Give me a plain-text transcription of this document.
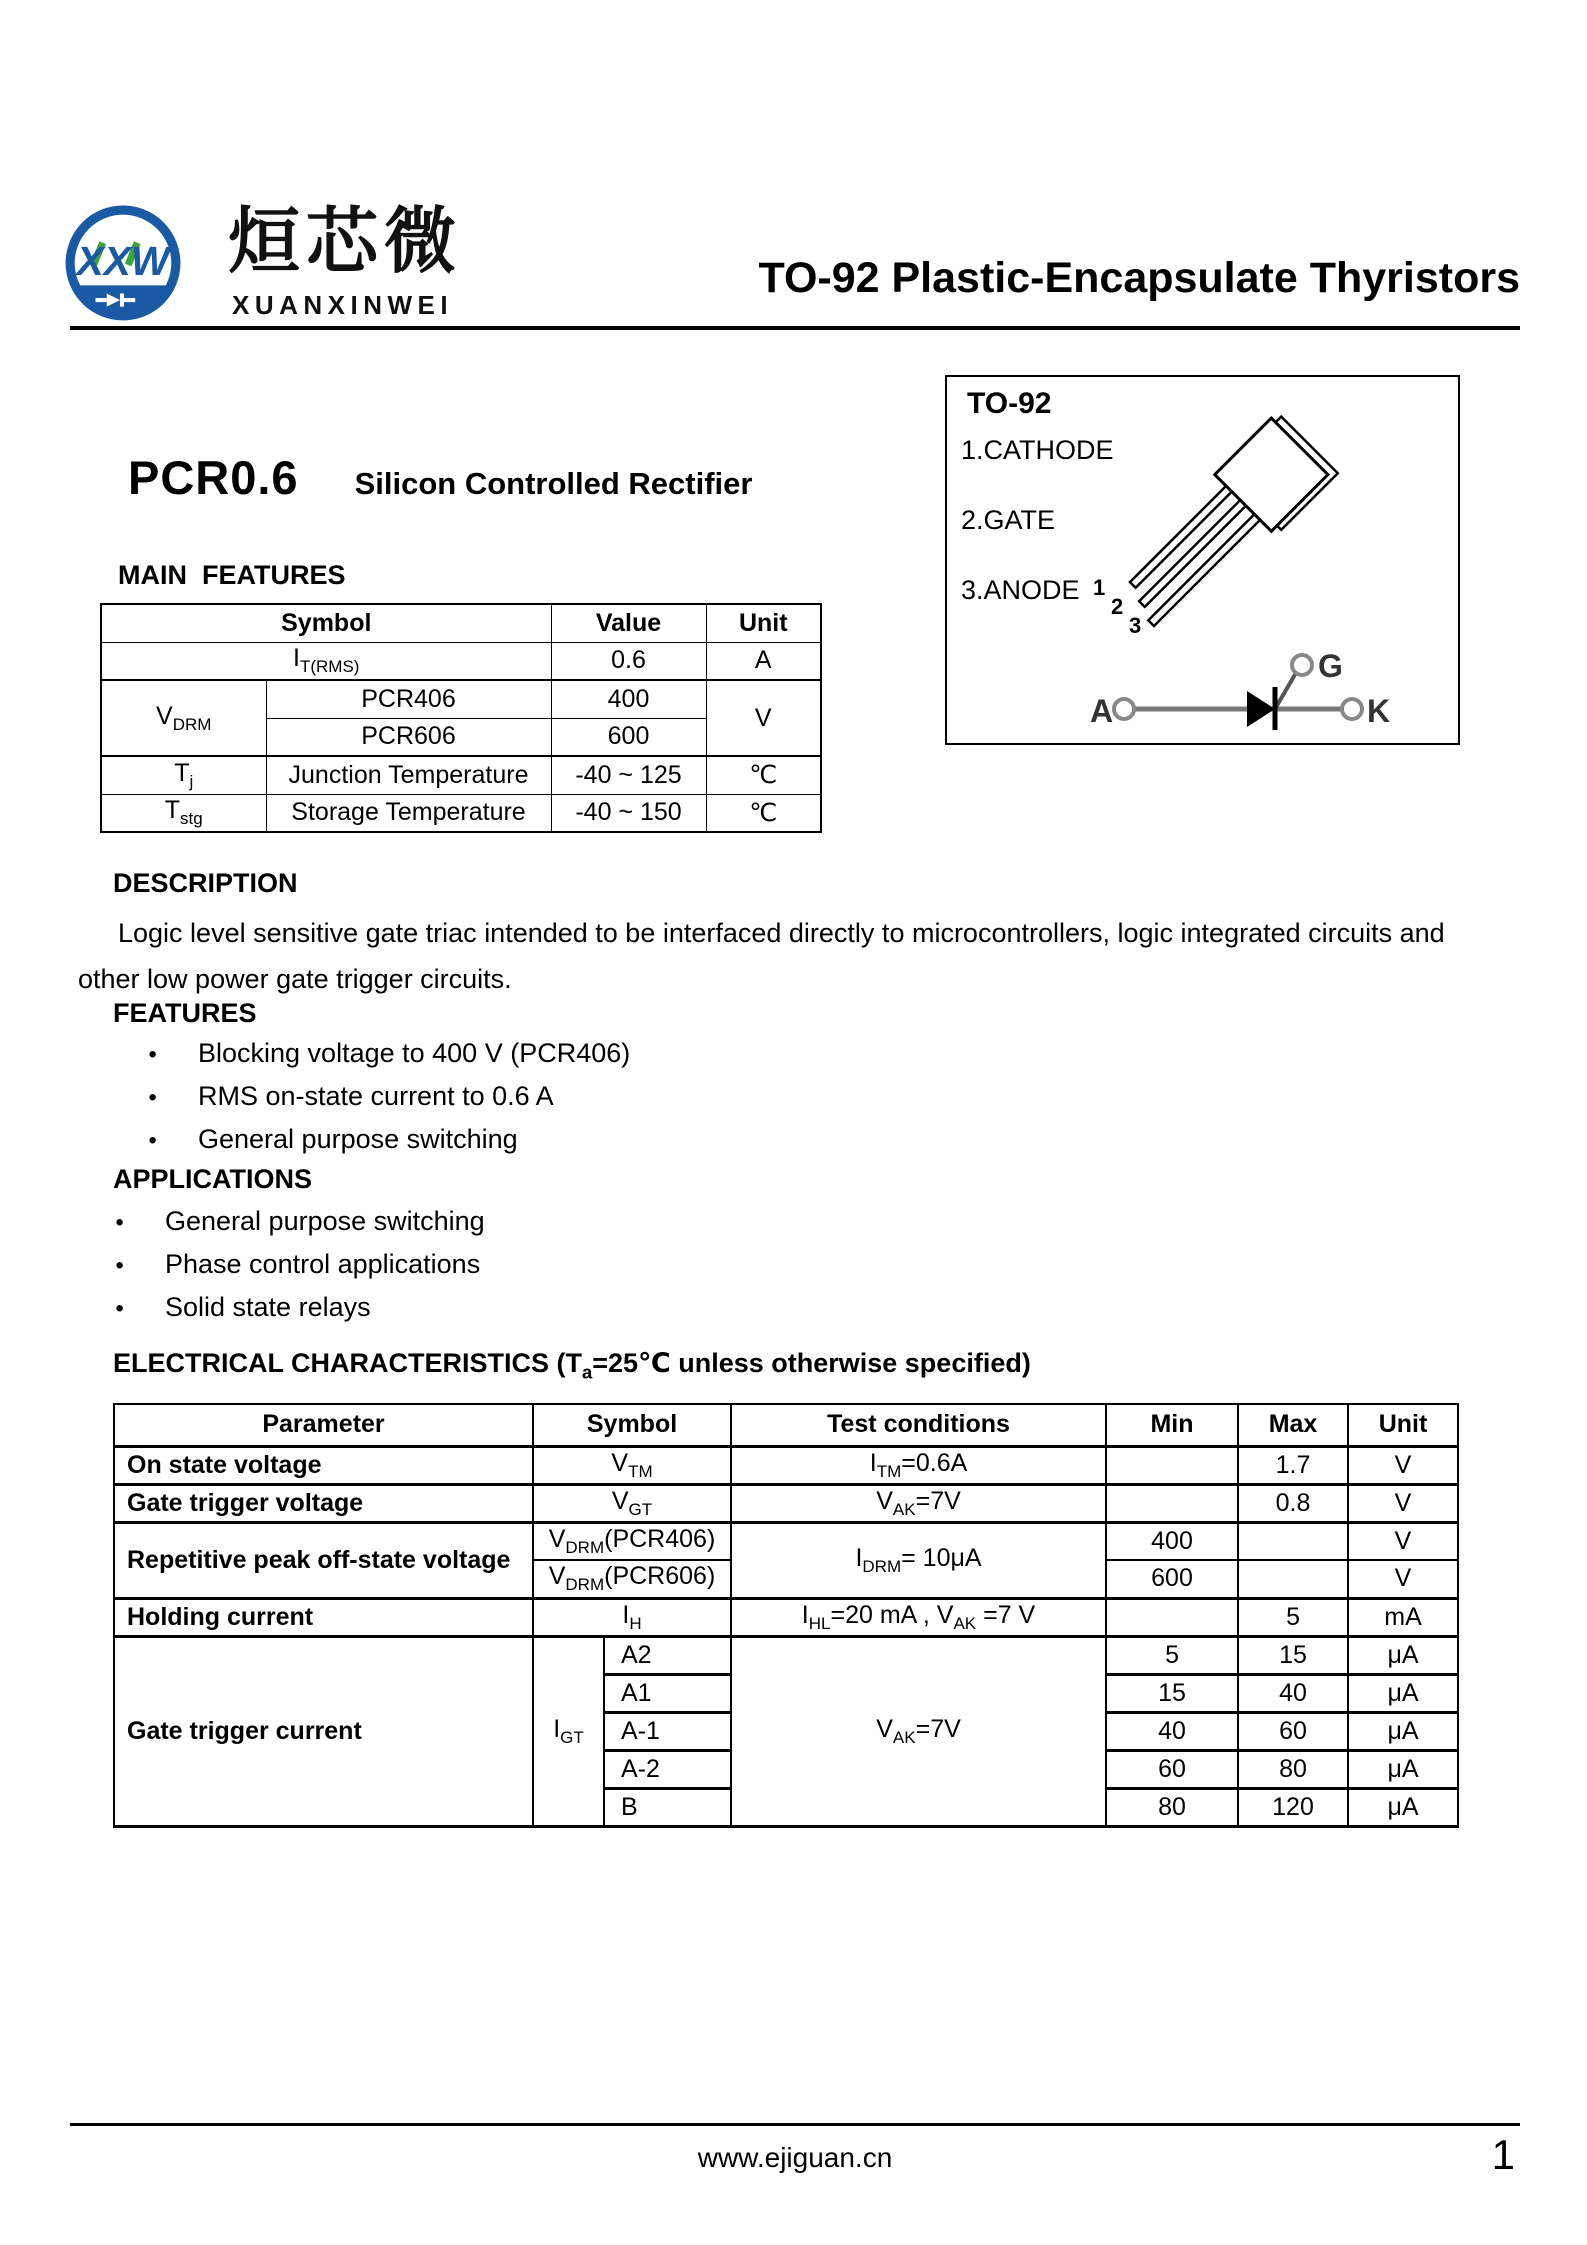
XXW 烜芯微
XUANXINWEI
TO-92 Plastic-Encapsulate Thyristors
TO-92
1.CATHODE
2.GATE
3.ANODE 1
2
3
A	K
G
PCR0.6 Silicon Controlled Rectifier
MAIN  FEATURES
Symbol		Value	Unit
$I_{T(RMS)}$		0.6	A
$V_{DRM}$	PCR406	400	V
	PCR606	600	
$T_j$	Junction Temperature	-40 ~ 125	℃
$T_{stg}$	Storage Temperature	-40 ~ 150	℃
DESCRIPTION

Logic level sensitive gate triac intended to be interfaced directly to microcontrollers, logic integrated circuits and other low power gate trigger circuits.

FEATURES
● Blocking voltage to 400 V (PCR406)
● RMS on-state current to 0.6 A
● General purpose switching
APPLICATIONS
● General purpose switching
● Phase control applications
● Solid state relays
ELECTRICAL CHARACTERISTICS ($T_a=25℃$ unless otherwise specified)
Parameter	Symbol		Test conditions	Min	Max	Unit
On state voltage	$V_{TM}$		$I_{TM}=0.6A$		1.7	V
Gate trigger voltage	$V_{GT}$		$V_{AK}=7V$		0.8	V
Repetitive peak off-state voltage	$V_{DRM}(PCR406)$		$I_{DRM}= 10\mu A$	400		V
	$V_{DRM}(PCR606)$			600		V
Holding current	$I_H$		$I_{HL}=20$ mA , $V_{AK} =7$ V		5	mA
Gate trigger current	$I_{GT}$	A2	$V_{AK}=7V$	5	15	μA
		A1		15	40	μA
		A-1		40	60	μA
		A-2		60	80	μA
		B		80	120	μA
www.ejiguan.cn	1
